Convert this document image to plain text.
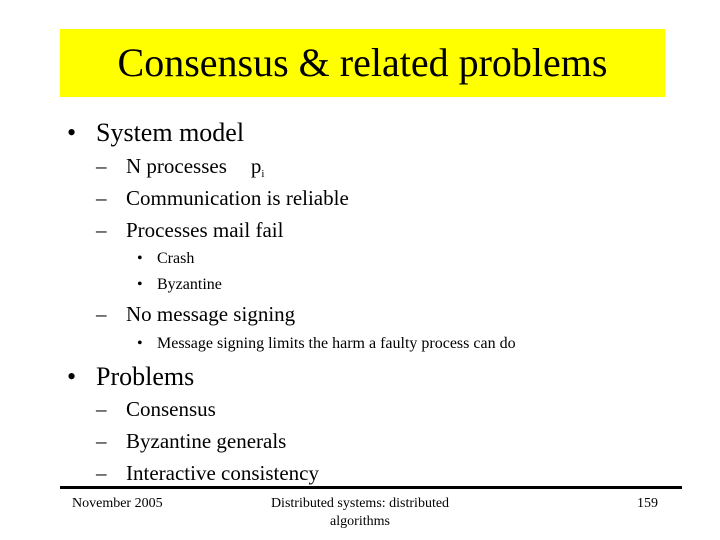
Consensus & related problems
• System model
– N processes pi
– Communication is reliable
– Processes mail fail
• Crash
• Byzantine
– No message signing
• Message signing limits the harm a faulty process can do
• Problems
– Consensus
– Byzantine generals
– Interactive consistency
November 2005	Distributed systems: distributed
algorithms
159
